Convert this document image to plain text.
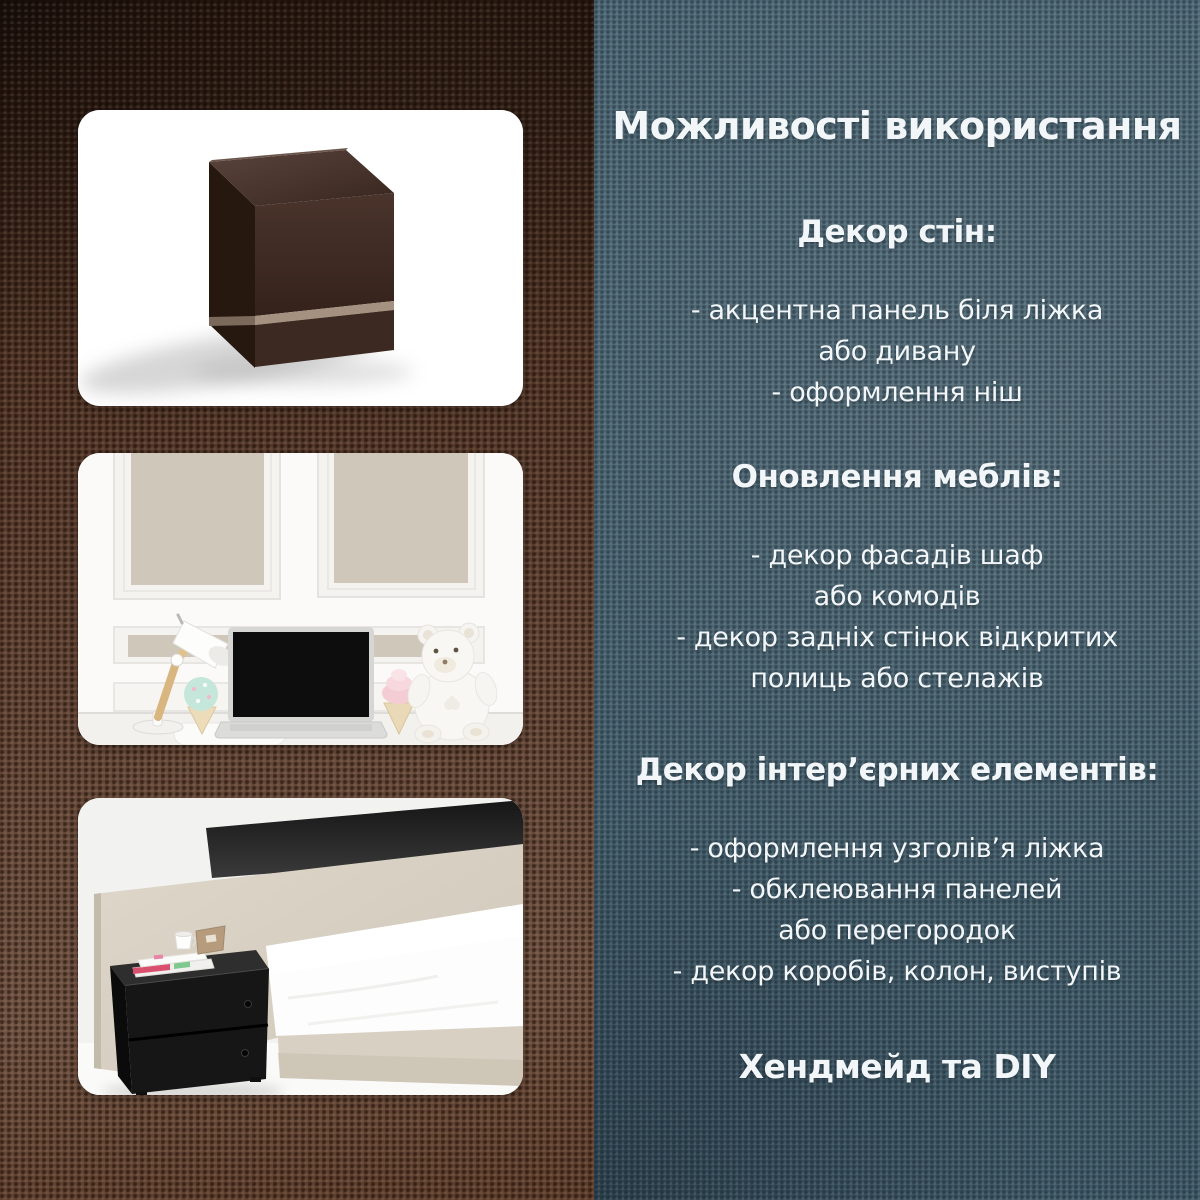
Можливості використання
Декор стін:
- акцентна панель біля ліжка
або дивану
- оформлення ніш
Оновлення меблів:
- декор фасадів шаф
або комодів
- декор задніх стінок відкритих
полиць або стелажів
Декор інтер’єрних елементів:
- оформлення узголів’я ліжка
- обклеювання панелей
або перегородок
- декор коробів, колон, виступів
Хендмейд та DIY
